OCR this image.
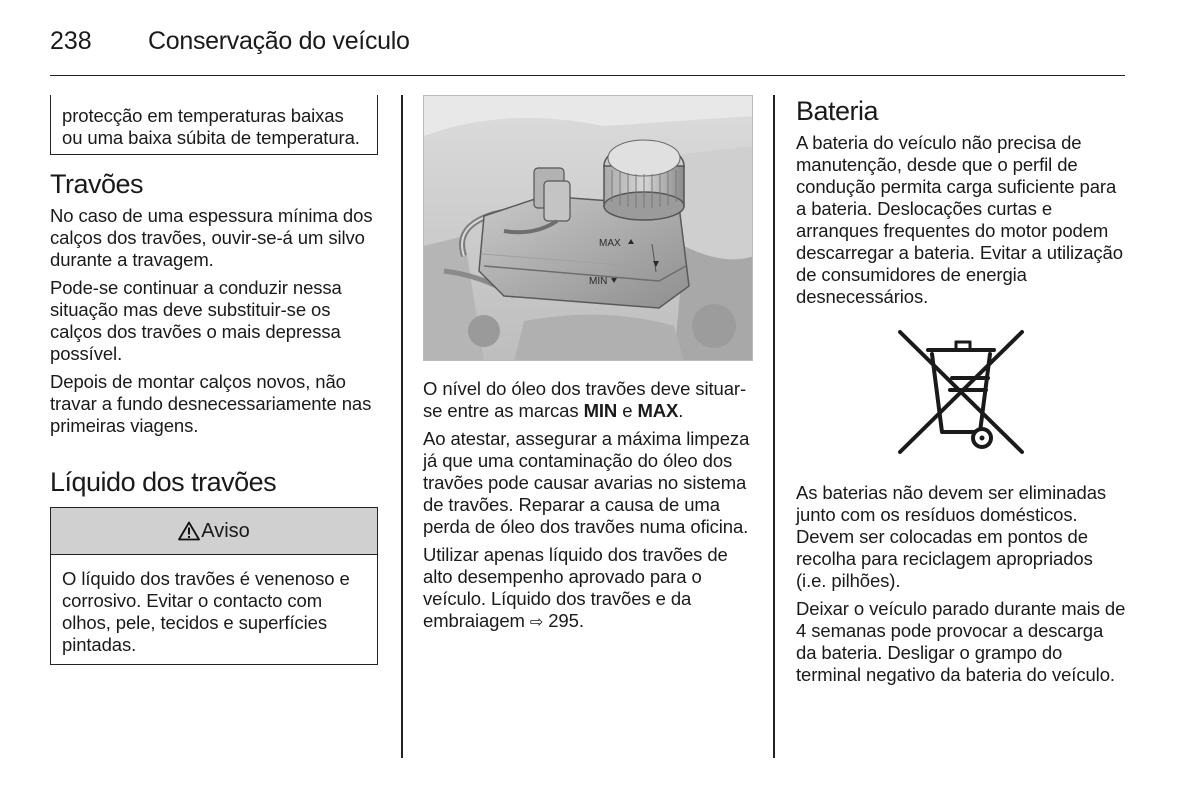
238 Conservação do veículo

protecção em temperaturas baixas ou uma baixa súbita de temperatura.

Travões

No caso de uma espessura mínima dos calços dos travões, ouvir-se-á um silvo durante a travagem.

Pode-se continuar a conduzir nessa situação mas deve substituir-se os calços dos travões o mais depressa possível.

Depois de montar calços novos, não travar a fundo desnecessariamente nas primeiras viagens.

Líquido dos travões
Aviso

O líquido dos travões é venenoso e corrosivo. Evitar o contacto com olhos, pele, tecidos e superfícies pintadas.

MAX
MIN

O nível do óleo dos travões deve situar-se entre as marcas MIN e MAX.

Ao atestar, assegurar a máxima limpeza já que uma contaminação do óleo dos travões pode causar avarias no sistema de travões. Reparar a causa de uma perda de óleo dos travões numa oficina.

Utilizar apenas líquido dos travões de alto desempenho aprovado para o veículo. Líquido dos travões e da embraiagem ⇨ 295.

Bateria

A bateria do veículo não precisa de manutenção, desde que o perfil de condução permita carga suficiente para a bateria. Deslocações curtas e arranques frequentes do motor podem descarregar a bateria. Evitar a utilização de consumidores de energia desnecessários.

As baterias não devem ser eliminadas junto com os resíduos domésticos. Devem ser colocadas em pontos de recolha para reciclagem apropriados (i.e. pilhões).

Deixar o veículo parado durante mais de 4 semanas pode provocar a descarga da bateria. Desligar o grampo do terminal negativo da bateria do veículo.
